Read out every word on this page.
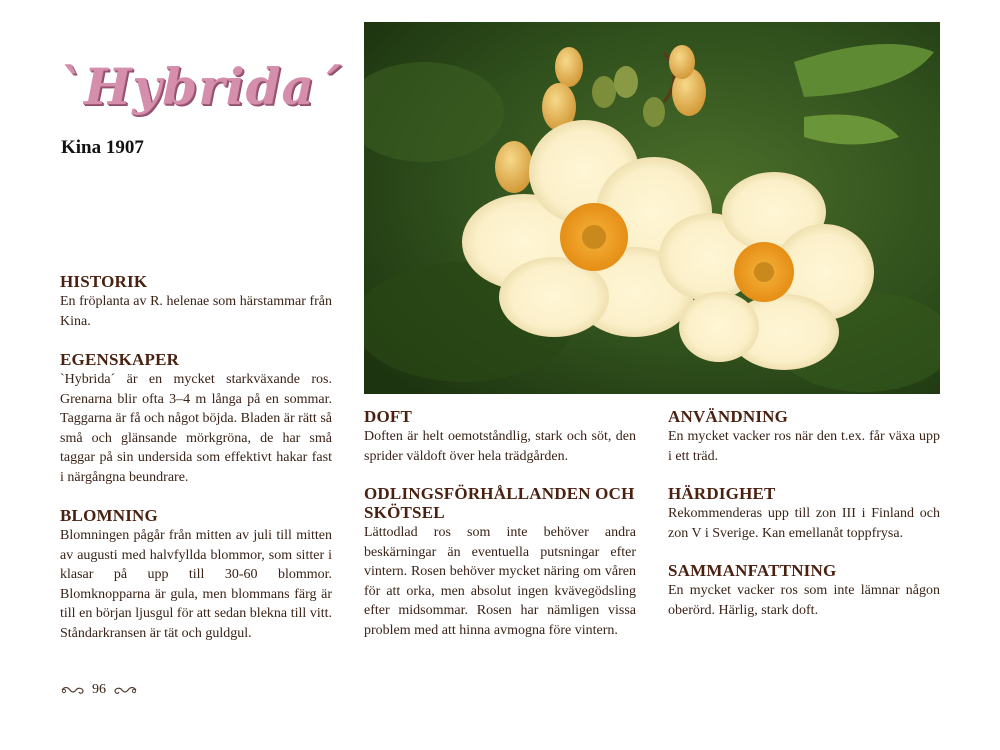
`Hybrida´
Kina 1907
HISTORIK

En fröplanta av R. helenae som härstammar från Kina.

EGENSKAPER

`Hybrida´ är en mycket starkväxande ros. Grenarna blir ofta 3–4 m långa på en sommar. Taggarna är få och något böjda. Bladen är rätt så små och glänsande mörkgröna, de har små taggar på sin undersida som effektivt hakar fast i närgångna beundrare.

BLOMNING

Blomningen pågår från mitten av juli till mitten av augusti med halvfyllda blommor, som sitter i klasar på upp till 30-60 blommor. Blomknopparna är gula, men blommans färg är till en början ljusgul för att sedan blekna till vitt. Ståndarkransen är tät och guldgul.

DOFT

Doften är helt oemotståndlig, stark och söt, den sprider väldoft över hela trädgården.

ODLINGSFÖRHÅLLANDEN OCH SKÖTSEL

Lättodlad ros som inte behöver andra beskärningar än eventuella putsningar efter vintern. Rosen behöver mycket näring om våren för att orka, men absolut ingen kvävegödsling efter midsommar. Rosen har nämligen vissa problem med att hinna avmogna före vintern.

ANVÄNDNING

En mycket vacker ros när den t.ex. får växa upp i ett träd.

HÄRDIGHET

Rekommenderas upp till zon III i Finland och zon V i Sverige. Kan emellanåt toppfrysa.

SAMMANFATTNING

En mycket vacker ros som inte lämnar någon oberörd. Härlig, stark doft.

96
